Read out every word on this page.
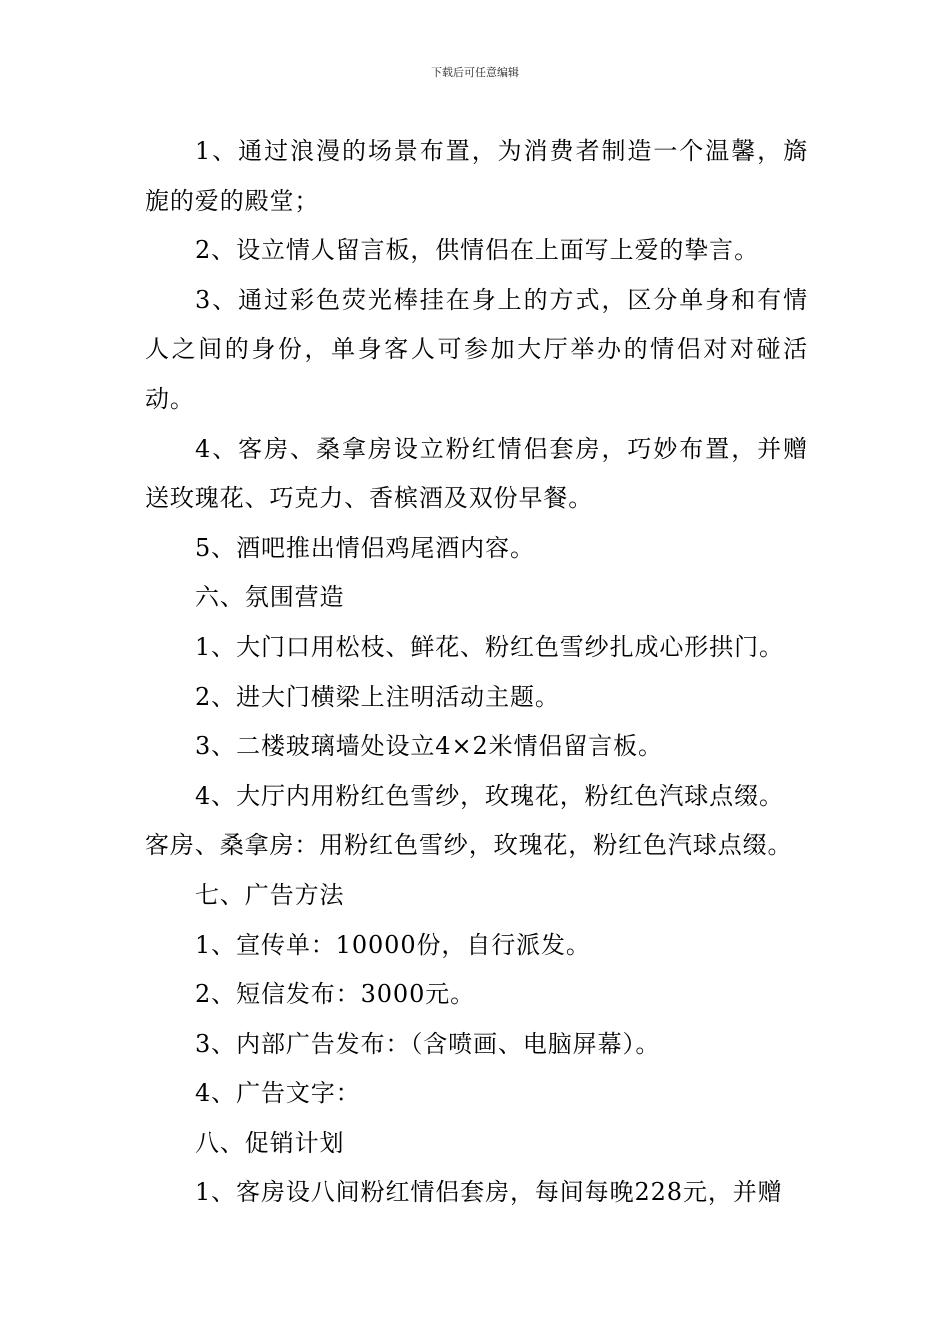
下载后可任意编辑

1、通过浪漫的场景布置，为消费者制造一个温馨，旖旎的爱的殿堂；

2、设立情人留言板，供情侣在上面写上爱的挚言。

3、通过彩色荧光棒挂在身上的方式，区分单身和有情人之间的身份，单身客人可参加大厅举办的情侣对对碰活动。

4、客房、桑拿房设立粉红情侣套房，巧妙布置，并赠送玫瑰花、巧克力、香槟酒及双份早餐。

5、酒吧推出情侣鸡尾酒内容。

六、氛围营造

1、大门口用松枝、鲜花、粉红色雪纱扎成心形拱门。

2、进大门横梁上注明活动主题。

3、二楼玻璃墙处设立4×2米情侣留言板。

4、大厅内用粉红色雪纱，玫瑰花，粉红色汽球点缀。

客房、桑拿房：用粉红色雪纱，玫瑰花，粉红色汽球点缀。

七、广告方法

1、宣传单：10000份，自行派发。

2、短信发布：3000元。

3、内部广告发布：（含喷画、电脑屏幕）。

4、广告文字：

八、促销计划

1、客房设八间粉红情侣套房，每间每晚228元，并赠
